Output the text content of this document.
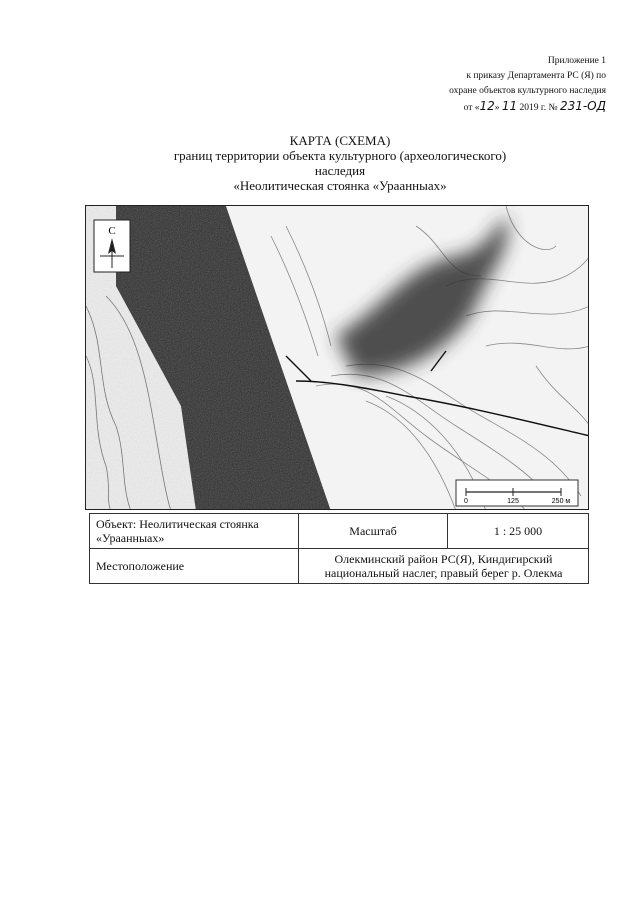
Приложение 1
к приказу Департамента РС (Я) по
охране объектов культурного наследия
от «12» 11 2019 г. № 231-ОД
КАРТА (СХЕМА)
границ территории объекта культурного (археологического)
наследия
«Неолитическая стоянка «Ураанныах»
С
0	125	250 м
Объект: Неолитическая стоянка «Ураанныах»	Масштаб	1 : 25 000
Местоположение	Олекминский район РС(Я), Киндигирский национальный наслег, правый берег р. Олекма	
